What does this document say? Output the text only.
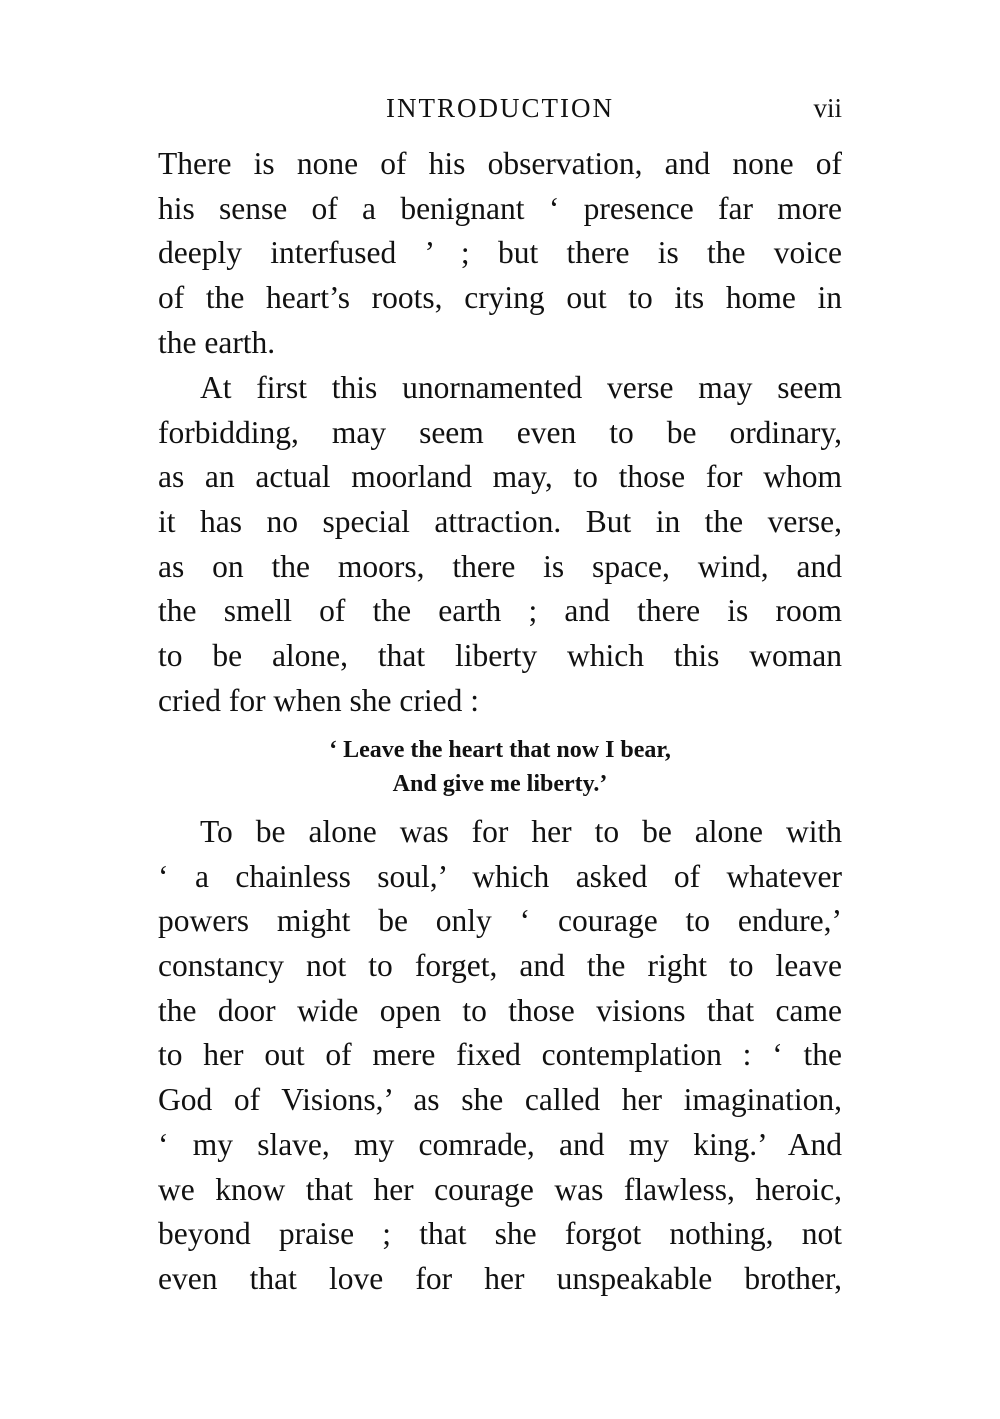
INTRODUCTION	vii
There is none of his observation, and none of
his sense of a benignant ‘ presence far more
deeply interfused ’ ; but there is the voice
of the heart’s roots, crying out to its home in
the earth.
At first this unornamented verse may seem
forbidding, may seem even to be ordinary,
as an actual moorland may, to those for whom
it has no special attraction. But in the verse,
as on the moors, there is space, wind, and
the smell of the earth ; and there is room
to be alone, that liberty which this woman
cried for when she cried :
‘ Leave the heart that now I bear,
And give me liberty.’
To be alone was for her to be alone with
‘ a chainless soul,’ which asked of whatever
powers might be only ‘ courage to endure,’
constancy not to forget, and the right to leave
the door wide open to those visions that came
to her out of mere fixed contemplation : ‘ the
God of Visions,’ as she called her imagination,
‘ my slave, my comrade, and my king.’ And
we know that her courage was flawless, heroic,
beyond praise ; that she forgot nothing, not
even that love for her unspeakable brother,
